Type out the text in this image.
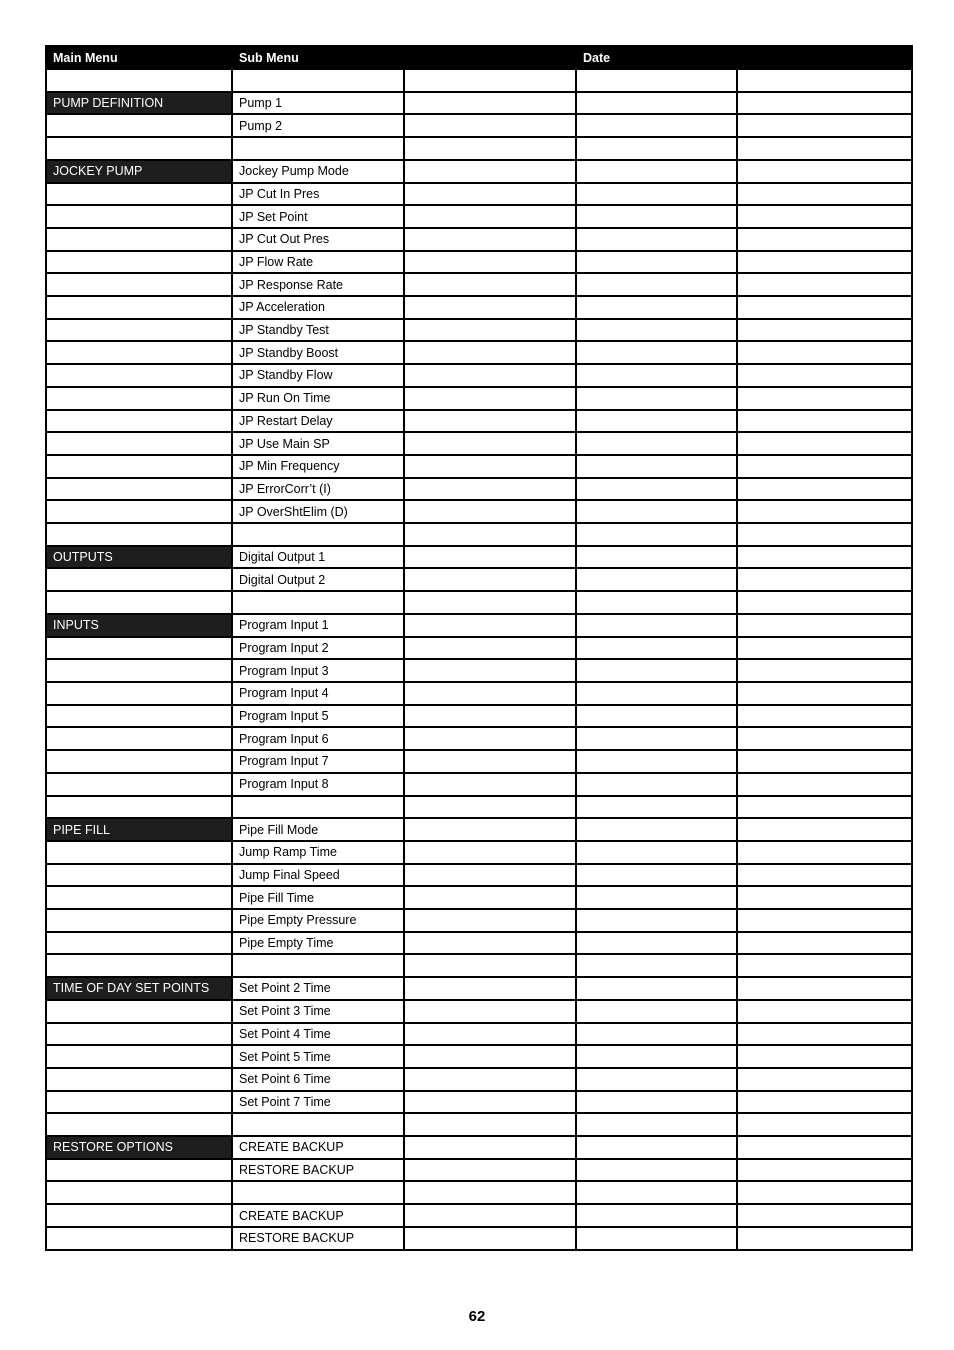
Main Menu	Sub Menu		Date	

PUMP DEFINITION	Pump 1			
	Pump 2			

JOCKEY PUMP	Jockey Pump Mode			
	JP Cut In Pres			
	JP Set Point			
	JP Cut Out Pres			
	JP Flow Rate			
	JP Response Rate			
	JP Acceleration			
	JP Standby Test			
	JP Standby Boost			
	JP Standby Flow			
	JP Run On Time			
	JP Restart Delay			
	JP Use Main SP			
	JP Min Frequency			
	JP ErrorCorr’t (I)			
	JP OverShtElim (D)			

OUTPUTS	Digital Output 1			
	Digital Output 2			

INPUTS	Program Input 1			
	Program Input 2			
	Program Input 3			
	Program Input 4			
	Program Input 5			
	Program Input 6			
	Program Input 7			
	Program Input 8			

PIPE FILL	Pipe Fill Mode			
	Jump Ramp Time			
	Jump Final Speed			
	Pipe Fill Time			
	Pipe Empty Pressure			
	Pipe Empty Time			

TIME OF DAY SET POINTS	Set Point 2 Time			
	Set Point 3 Time			
	Set Point 4 Time			
	Set Point 5 Time			
	Set Point 6 Time			
	Set Point 7 Time			

RESTORE OPTIONS	CREATE BACKUP			
	RESTORE BACKUP			

	CREATE BACKUP			
	RESTORE BACKUP			
62
